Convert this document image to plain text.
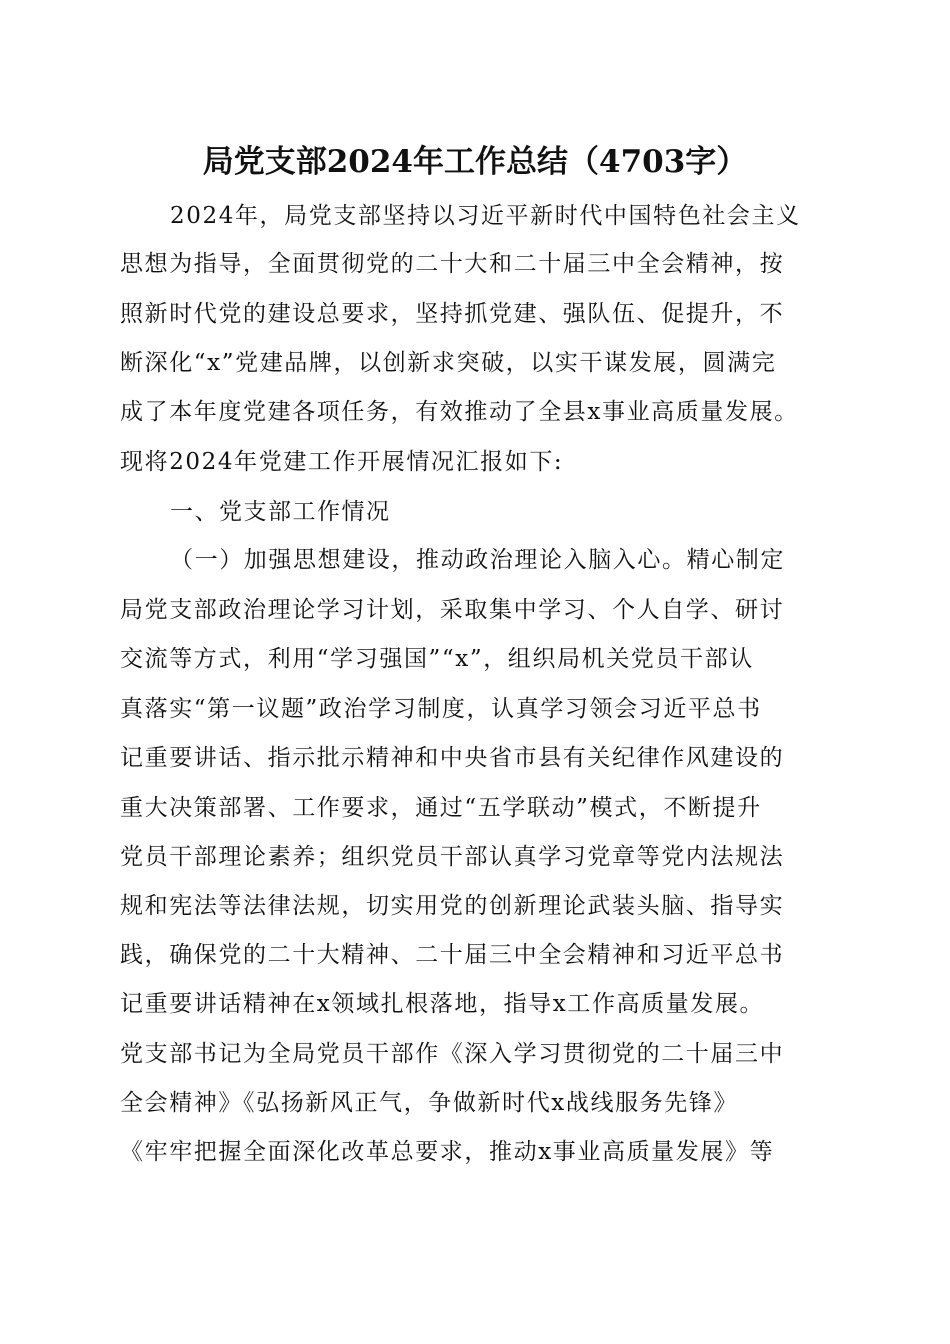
局党支部2024年工作总结（4703字）
2024年，局党支部坚持以习近平新时代中国特色社会主义
思想为指导，全面贯彻党的二十大和二十届三中全会精神，按
照新时代党的建设总要求，坚持抓党建、强队伍、促提升，不
断深化“x”党建品牌，以创新求突破，以实干谋发展，圆满完
成了本年度党建各项任务，有效推动了全县x事业高质量发展。
现将2024年党建工作开展情况汇报如下:
一、党支部工作情况
（一）加强思想建设，推动政治理论入脑入心。精心制定
局党支部政治理论学习计划，采取集中学习、个人自学、研讨
交流等方式，利用“学习强国”“x”，组织局机关党员干部认
真落实“第一议题”政治学习制度，认真学习领会习近平总书
记重要讲话、指示批示精神和中央省市县有关纪律作风建设的
重大决策部署、工作要求，通过“五学联动”模式，不断提升
党员干部理论素养；组织党员干部认真学习党章等党内法规法
规和宪法等法律法规，切实用党的创新理论武装头脑、指导实
践，确保党的二十大精神、二十届三中全会精神和习近平总书
记重要讲话精神在x领域扎根落地，指导x工作高质量发展。
党支部书记为全局党员干部作《深入学习贯彻党的二十届三中
全会精神》《弘扬新风正气，争做新时代x战线服务先锋》
《牢牢把握全面深化改革总要求，推动x事业高质量发展》等
